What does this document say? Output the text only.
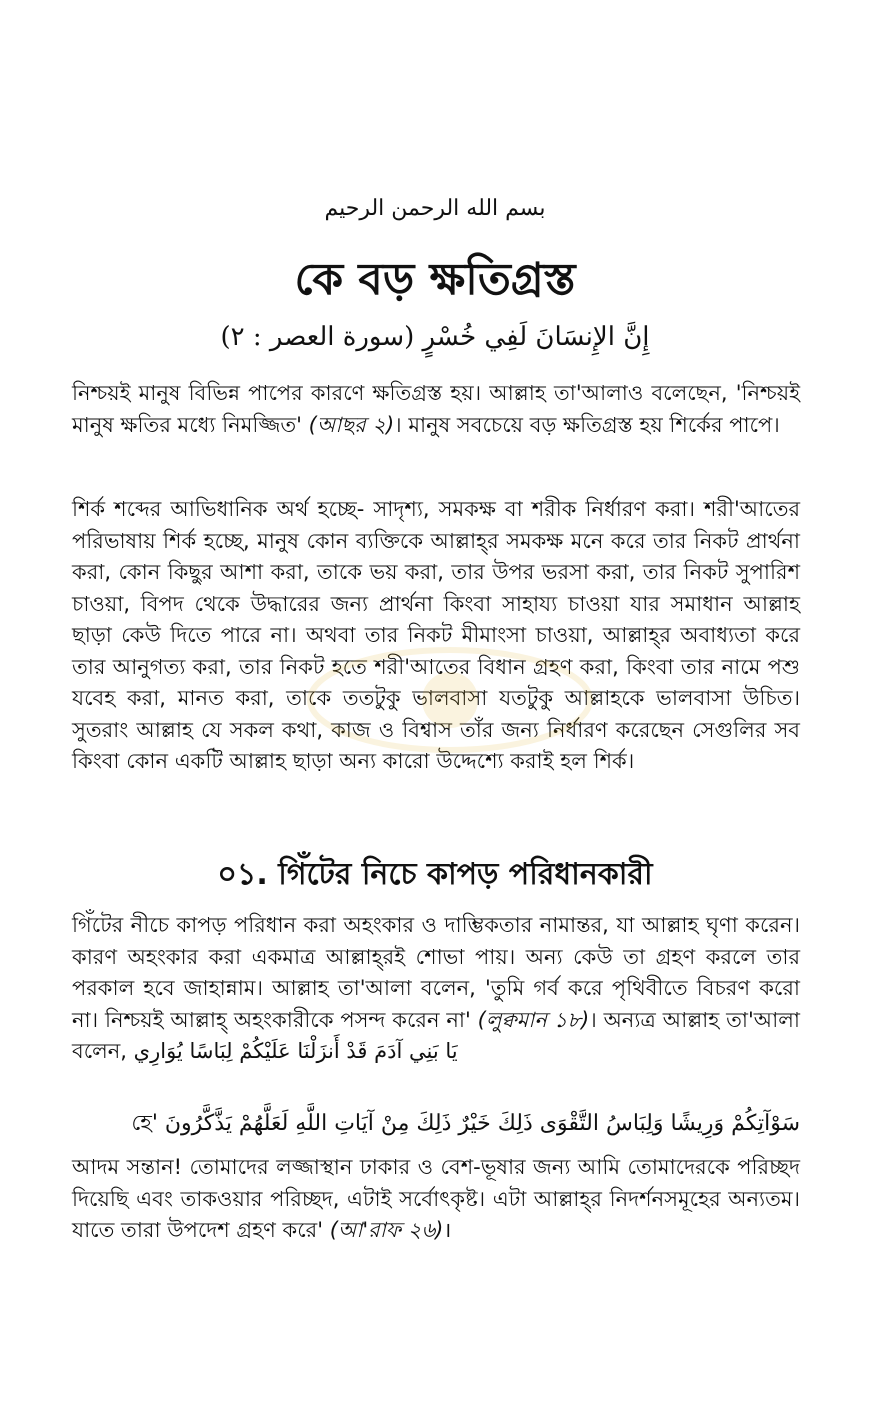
بسم الله الرحمن الرحيم
কে বড় ক্ষতিগ্রস্ত
إِنَّ الإِنسَانَ لَفِي خُسْرٍ (سورة العصر : ٢)

নিশ্চয়ই মানুষ বিভিন্ন পাপের কারণে ক্ষতিগ্রস্ত হয়। আল্লাহ তা'আলাও বলেছেন, 'নিশ্চয়ই মানুষ ক্ষতির মধ্যে নিমজ্জিত' (আছর ২)। মানুষ সবচেয়ে বড় ক্ষতিগ্রস্ত হয় শির্কের পাপে।

শির্ক শব্দের আভিধানিক অর্থ হচ্ছে- সাদৃশ্য, সমকক্ষ বা শরীক নির্ধারণ করা। শরী'আতের পরিভাষায় শির্ক হচ্ছে, মানুষ কোন ব্যক্তিকে আল্লাহ্‌র সমকক্ষ মনে করে তার নিকট প্রার্থনা করা, কোন কিছুর আশা করা, তাকে ভয় করা, তার উপর ভরসা করা, তার নিকট সুপারিশ চাওয়া, বিপদ থেকে উদ্ধারের জন্য প্রার্থনা কিংবা সাহায্য চাওয়া যার সমাধান আল্লাহ ছাড়া কেউ দিতে পারে না। অথবা তার নিকট মীমাংসা চাওয়া, আল্লাহ্‌র অবাধ্যতা করে তার আনুগত্য করা, তার নিকট হতে শরী'আতের বিধান গ্রহণ করা, কিংবা তার নামে পশু যবেহ করা, মানত করা, তাকে ততটুকু ভালবাসা যতটুকু আল্লাহকে ভালবাসা উচিত। সুতরাং আল্লাহ যে সকল কথা, কাজ ও বিশ্বাস তাঁর জন্য নির্ধারণ করেছেন সেগুলির সব কিংবা কোন একটি আল্লাহ ছাড়া অন্য কারো উদ্দেশ্যে করাই হল শির্ক।

০১. গিঁটের নিচে কাপড় পরিধানকারী

গিঁটের নীচে কাপড় পরিধান করা অহংকার ও দাম্ভিকতার নামান্তর, যা আল্লাহ ঘৃণা করেন। কারণ অহংকার করা একমাত্র আল্লাহ্‌রই শোভা পায়। অন্য কেউ তা গ্রহণ করলে তার পরকাল হবে জাহান্নাম। আল্লাহ তা'আলা বলেন, 'তুমি গর্ব করে পৃথিবীতে বিচরণ করো না। নিশ্চয়ই আল্লাহ্‌ অহংকারীকে পসন্দ করেন না' (লুক্বমান ১৮)। অন্যত্র আল্লাহ তা'আলা বলেন, يَا بَنِي آدَمَ قَدْ أَنزَلْنَا عَلَيْكُمْ لِبَاسًا يُوَارِي

سَوْآتِكُمْ وَرِيشًا وَلِبَاسُ التَّقْوَى ذَلِكَ خَيْرٌ ذَلِكَ مِنْ آيَاتِ اللَّهِ لَعَلَّهُمْ يَذَّكَّرُونَ 'হে

আদম সন্তান! তোমাদের লজ্জাস্থান ঢাকার ও বেশ-ভূষার জন্য আমি তোমাদেরকে পরিচ্ছদ দিয়েছি এবং তাকওয়ার পরিচ্ছদ, এটাই সর্বোৎকৃষ্ট। এটা আল্লাহ্‌র নিদর্শনসমূহের অন্যতম। যাতে তারা উপদেশ গ্রহণ করে' (আ'রাফ ২৬)।
